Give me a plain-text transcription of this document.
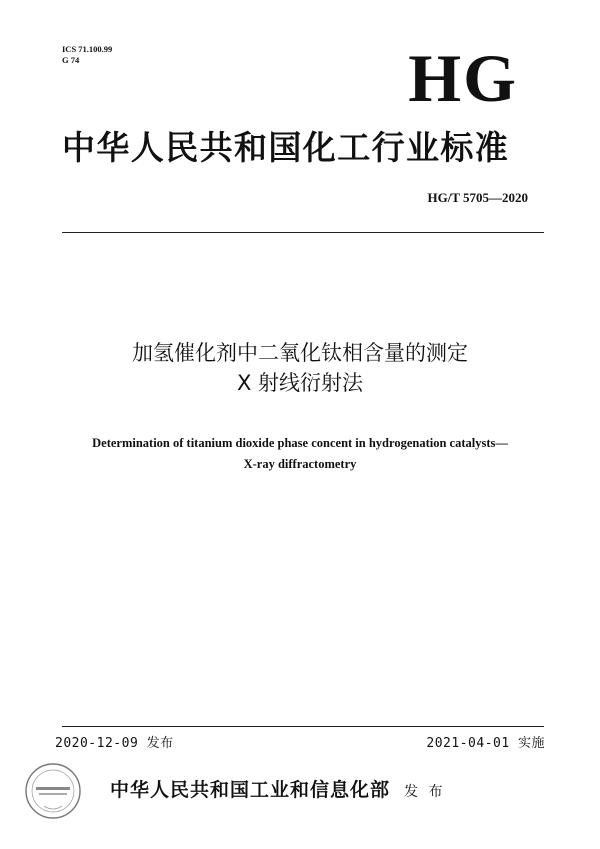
ICS 71.100.99
G 74	HG
中华人民共和国化工行业标准
HG/T 5705—2020
加氢催化剂中二氧化钛相含量的测定
X 射线衍射法
Determination of titanium dioxide phase concent in hydrogenation catalysts—
X-ray diffractometry
2020-12-09 发布	2021-04-01 实施
中华人民共和国工业和信息化部 发 布
